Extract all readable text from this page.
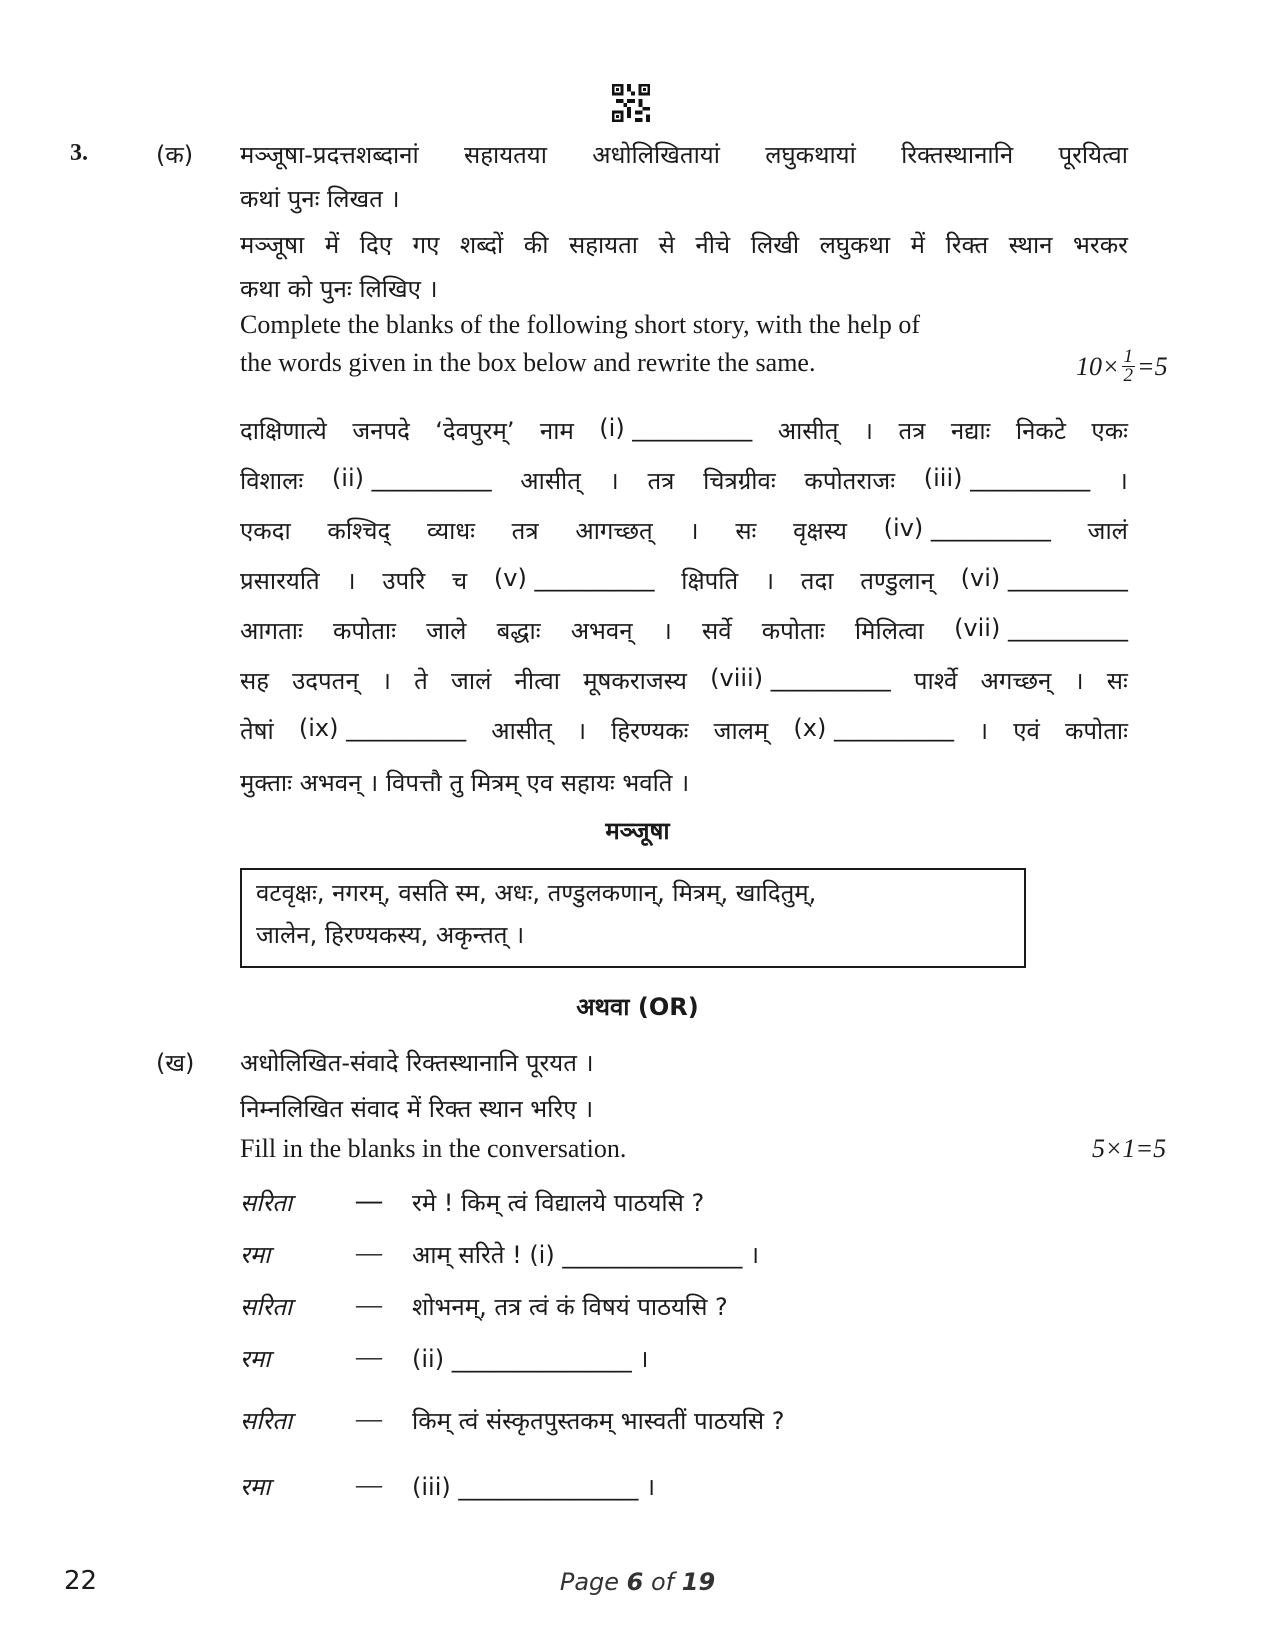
3.	(क) मञ्जूषा-प्रदत्तशब्दानां सहायतया अधोलिखितायां लघुकथायां रिक्तस्थानानि पूरयित्वा
कथां पुनः लिखत ।
मञ्जूषा में दिए गए शब्दों की सहायता से नीचे लिखी लघुकथा में रिक्त स्थान भरकर
कथा को पुनः लिखिए ।
Complete the blanks of the following short story, with the help of
the words given in the box below and rewrite the same.	$10\times \frac{1}{2} =5$
दाक्षिणात्ये जनपदे ‘देवपुरम्’ नाम (i) __________ आसीत् । तत्र नद्याः निकटे एकः
विशालः (ii) __________ आसीत् । तत्र चित्रग्रीवः कपोतराजः (iii) __________ ।
एकदा कश्चिद् व्याधः तत्र आगच्छत् । सः वृक्षस्य (iv) __________ जालं
प्रसारयति । उपरि च (v) __________ क्षिपति । तदा तण्डुलान् (vi) __________
आगताः कपोताः जाले बद्धाः अभवन् । सर्वे कपोताः मिलित्वा (vii) __________
सह उदपतन् । ते जालं नीत्वा मूषकराजस्य (viii) __________ पार्श्वे अगच्छन् । सः
तेषां (ix) __________ आसीत् । हिरण्यकः जालम् (x) __________ । एवं कपोताः
मुक्ताः अभवन् । विपत्तौ तु मित्रम् एव सहायः भवति ।
मञ्जूषा
वटवृक्षः, नगरम्, वसति स्म, अधः, तण्डुलकणान्, मित्रम्, खादितुम्,
जालेन, हिरण्यकस्य, अकृन्तत् ।
अथवा (OR)
(ख) अधोलिखित-संवादे रिक्तस्थानानि पूरयत ।
निम्नलिखित संवाद में रिक्त स्थान भरिए ।
Fill in the blanks in the conversation.	5×1=5
सरिता — रमे ! किम् त्वं विद्यालये पाठयसि ?
रमा	— आम् सरिते ! (i) _______________ ।
सरिता — शोभनम्, तत्र त्वं कं विषयं पाठयसि ?
रमा	— (ii) _______________ ।
सरिता — किम् त्वं संस्कृतपुस्तकम् भास्वतीं पाठयसि ?
रमा	— (iii) _______________ ।
22	Page 6 of 19
